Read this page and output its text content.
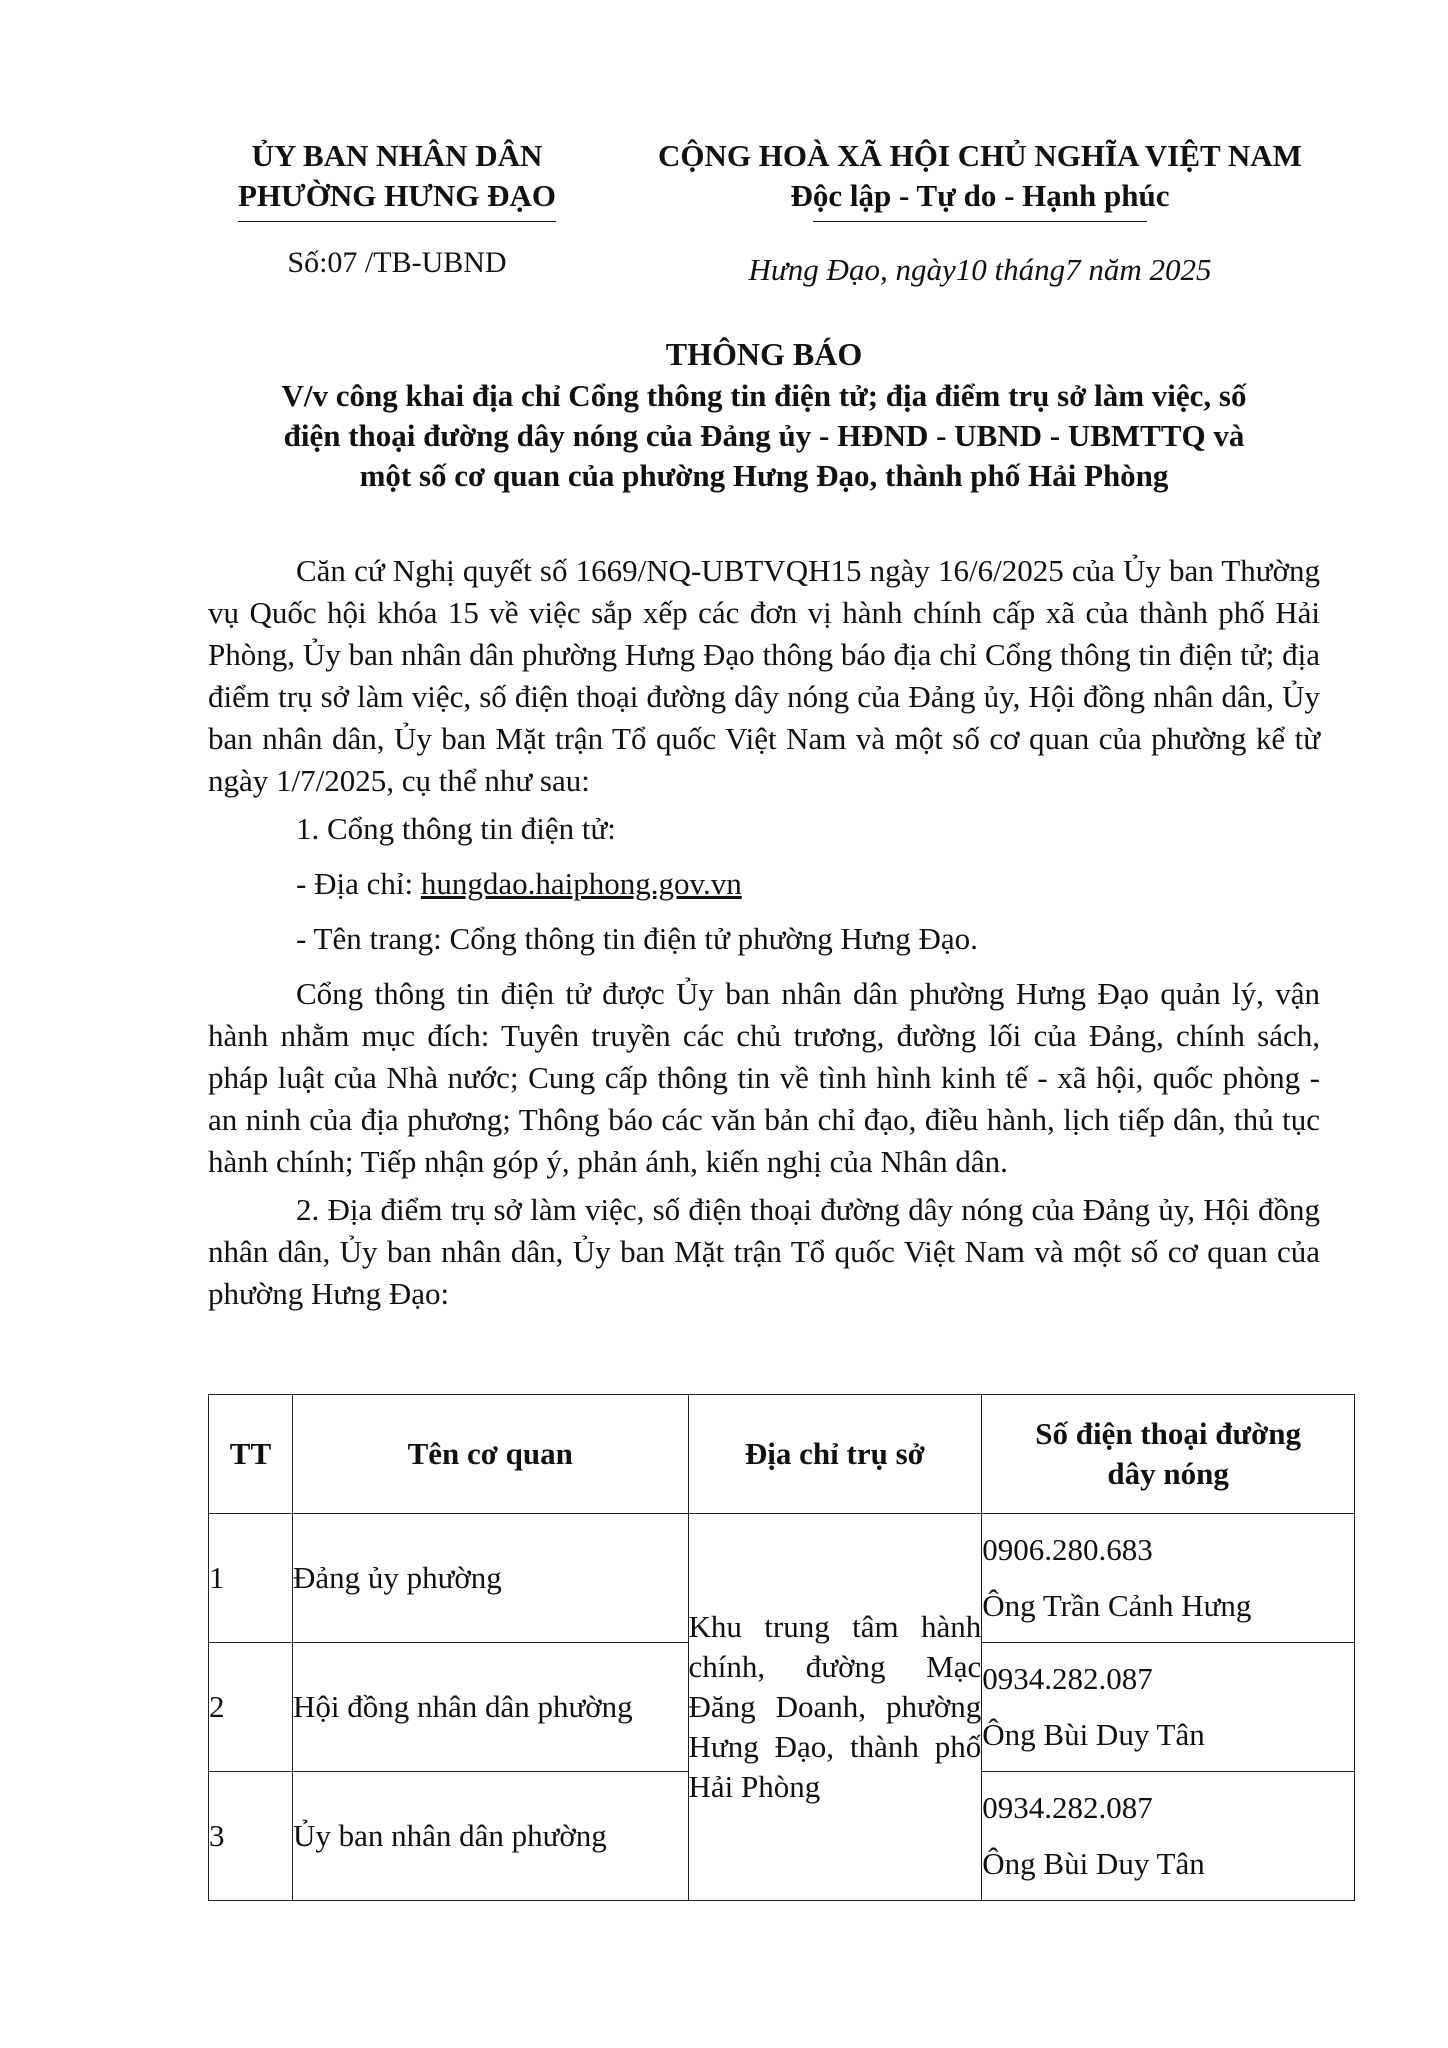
ỦY BAN NHÂN DÂN
PHƯỜNG HƯNG ĐẠO
CỘNG HOÀ XÃ HỘI CHỦ NGHĨA VIỆT NAM
Độc lập - Tự do - Hạnh phúc
Số:07 /TB-UBND	Hưng Đạo, ngày10 tháng7 năm 2025
THÔNG BÁO
V/v công khai địa chỉ Cổng thông tin điện tử; địa điểm trụ sở làm việc, số
điện thoại đường dây nóng của Đảng ủy - HĐND - UBND - UBMTTQ và
một số cơ quan của phường Hưng Đạo, thành phố Hải Phòng

Căn cứ Nghị quyết số 1669/NQ-UBTVQH15 ngày 16/6/2025 của Ủy ban Thường vụ Quốc hội khóa 15 về việc sắp xếp các đơn vị hành chính cấp xã của thành phố Hải Phòng, Ủy ban nhân dân phường Hưng Đạo thông báo địa chỉ Cổng thông tin điện tử; địa điểm trụ sở làm việc, số điện thoại đường dây nóng của Đảng ủy, Hội đồng nhân dân, Ủy ban nhân dân, Ủy ban Mặt trận Tổ quốc Việt Nam và một số cơ quan của phường kể từ ngày 1/7/2025, cụ thể như sau:

1. Cổng thông tin điện tử:

- Địa chỉ: hungdao.haiphong.gov.vn

- Tên trang: Cổng thông tin điện tử phường Hưng Đạo.

Cổng thông tin điện tử được Ủy ban nhân dân phường Hưng Đạo quản lý, vận hành nhằm mục đích: Tuyên truyền các chủ trương, đường lối của Đảng, chính sách, pháp luật của Nhà nước; Cung cấp thông tin về tình hình kinh tế - xã hội, quốc phòng - an ninh của địa phương; Thông báo các văn bản chỉ đạo, điều hành, lịch tiếp dân, thủ tục hành chính; Tiếp nhận góp ý, phản ánh, kiến nghị của Nhân dân.

2. Địa điểm trụ sở làm việc, số điện thoại đường dây nóng của Đảng ủy, Hội đồng nhân dân, Ủy ban nhân dân, Ủy ban Mặt trận Tổ quốc Việt Nam và một số cơ quan của phường Hưng Đạo:

TT	Tên cơ quan	Địa chỉ trụ sở	Số điện thoại đường
dây nóng

1	Đảng ủy phường	Khu trung tâm hành chính, đường Mạc Đăng Doanh, phường Hưng Đạo, thành phố Hải Phòng	0906.280.683
Ông Trần Cảnh Hưng

2	Hội đồng nhân dân phường		0934.282.087
Ông Bùi Duy Tân

3	Ủy ban nhân dân phường		0934.282.087
Ông Bùi Duy Tân
